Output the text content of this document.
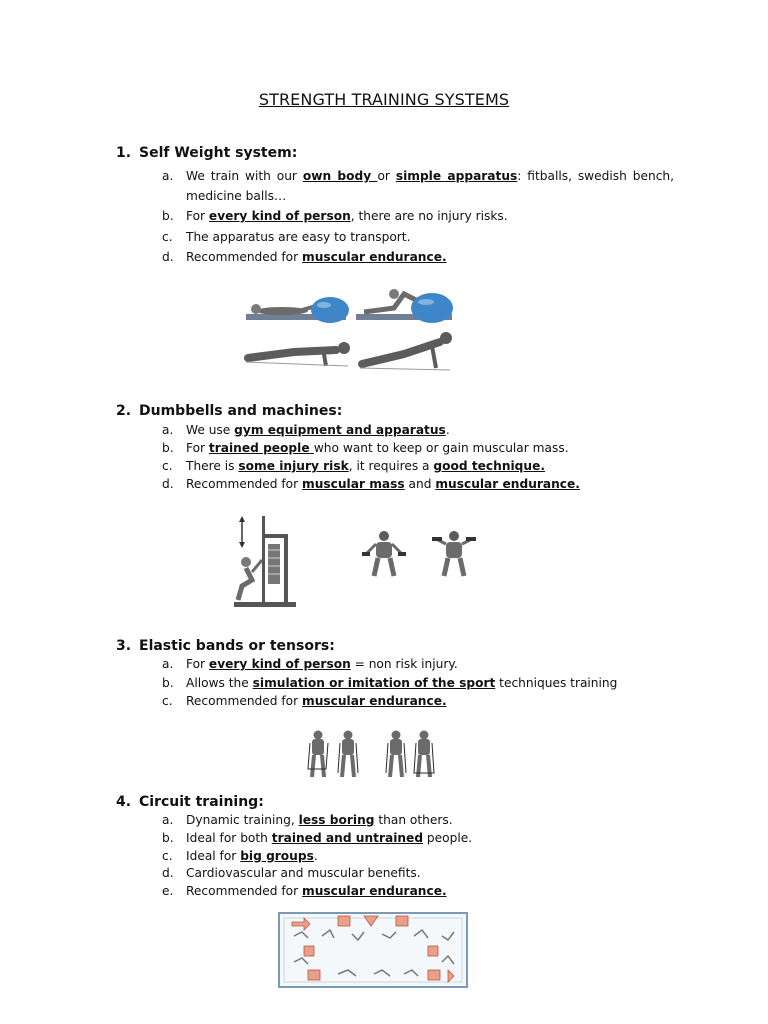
STRENGTH TRAINING SYSTEMS
1. Self Weight system:
a. We train with our own body or simple apparatus: fitballs, swedish bench, medicine balls…
b. For every kind of person, there are no injury risks.
c. The apparatus are easy to transport.
d. Recommended for muscular endurance.
2. Dumbbells and machines:
a. We use gym equipment and apparatus.
b. For trained people who want to keep or gain muscular mass.
c. There is some injury risk, it requires a good technique.
d. Recommended for muscular mass and muscular endurance.
3. Elastic bands or tensors:
a. For every kind of person = non risk injury.
b. Allows the simulation or imitation of the sport techniques training
c. Recommended for muscular endurance.
4. Circuit training:
a. Dynamic training, less boring than others.
b. Ideal for both trained and untrained people.
c. Ideal for big groups.
d. Cardiovascular and muscular benefits.
e. Recommended for muscular endurance.
